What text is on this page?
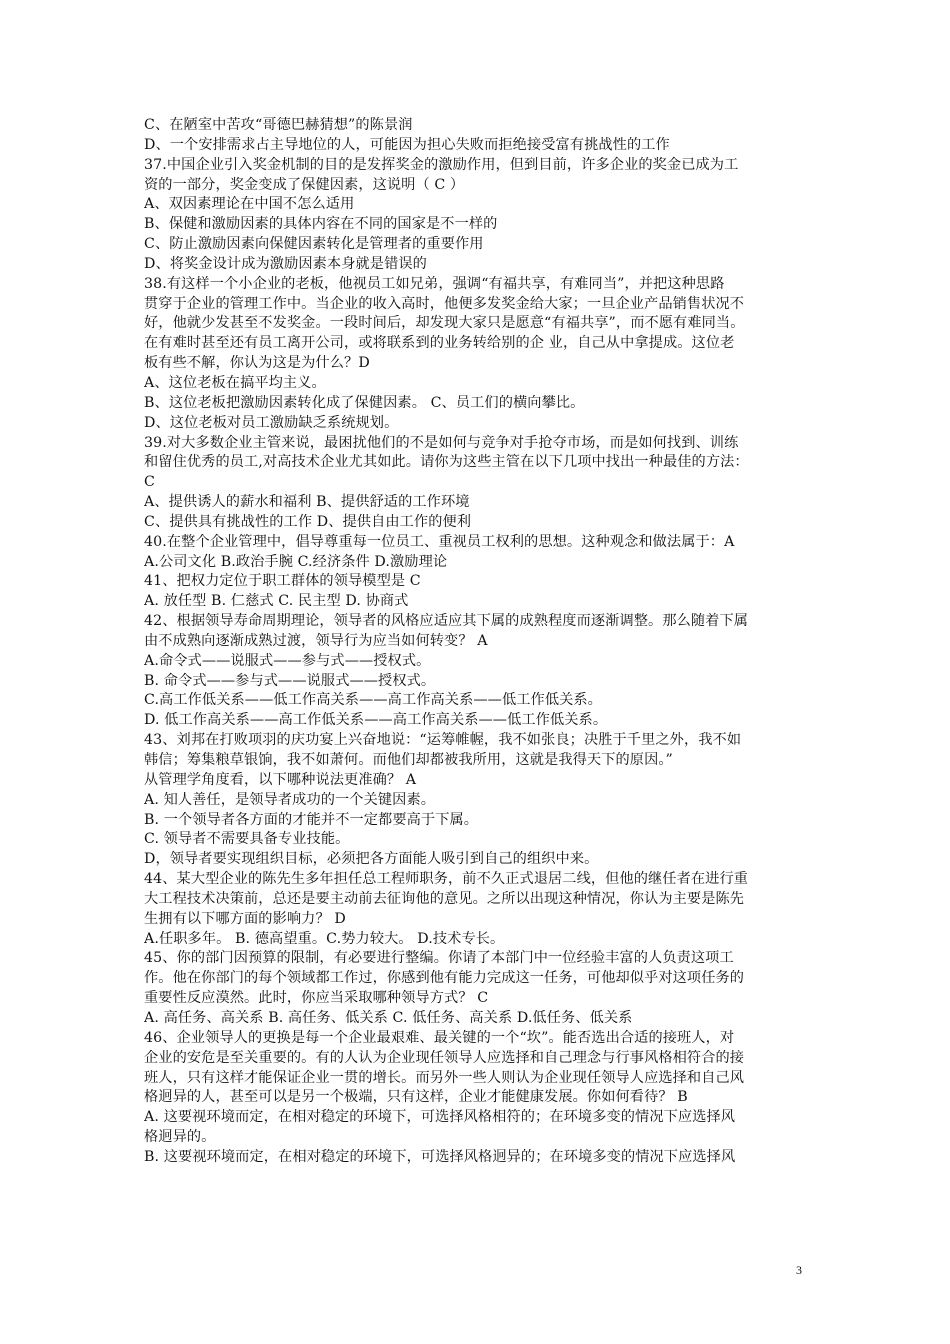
C、在陋室中苦攻“哥德巴赫猜想”的陈景润
D、一个安排需求占主导地位的人，可能因为担心失败而拒绝接受富有挑战性的工作
37.中国企业引入奖金机制的目的是发挥奖金的激励作用，但到目前，许多企业的奖金已成为工
资的一部分，奖金变成了保健因素，这说明（ C ）
A、双因素理论在中国不怎么适用
B、保健和激励因素的具体内容在不同的国家是不一样的
C、防止激励因素向保健因素转化是管理者的重要作用
D、将奖金设计成为激励因素本身就是错误的
38.有这样一个小企业的老板，他视员工如兄弟，强调“有福共享，有难同当”，并把这种思路
贯穿于企业的管理工作中。当企业的收入高时，他便多发奖金给大家；一旦企业产品销售状况不
好，他就少发甚至不发奖金。一段时间后，却发现大家只是愿意“有福共享”，而不愿有难同当。
在有难时甚至还有员工离开公司，或将联系到的业务转给别的企 业，自己从中拿提成。这位老
板有些不解，你认为这是为什么？D
A、这位老板在搞平均主义。
B、这位老板把激励因素转化成了保健因素。 C、员工们的横向攀比。
D、这位老板对员工激励缺乏系统规划。
39.对大多数企业主管来说，最困扰他们的不是如何与竞争对手抢夺市场，而是如何找到、训练
和留住优秀的员工,对高技术企业尤其如此。请你为这些主管在以下几项中找出一种最佳的方法：
C
A、提供诱人的薪水和福利 B、提供舒适的工作环境
C、提供具有挑战性的工作 D、提供自由工作的便利
40.在整个企业管理中，倡导尊重每一位员工、重视员工权利的思想。这种观念和做法属于：A
A.公司文化 B.政治手腕 C.经济条件 D.激励理论
41、把权力定位于职工群体的领导模型是 C
A. 放任型 B. 仁慈式 C. 民主型 D. 协商式
42、根据领导寿命周期理论，领导者的风格应适应其下属的成熟程度而逐渐调整。那么随着下属
由不成熟向逐渐成熟过渡，领导行为应当如何转变？ A
A.命令式——说服式——参与式——授权式。
B. 命令式——参与式——说服式——授权式。
C.高工作低关系——低工作高关系——高工作高关系——低工作低关系。
D. 低工作高关系——高工作低关系——高工作高关系——低工作低关系。
43、刘邦在打败项羽的庆功宴上兴奋地说：“运筹帷幄，我不如张良；决胜于千里之外，我不如
韩信；筹集粮草银饷，我不如萧何。而他们却都被我所用，这就是我得天下的原因。”
从管理学角度看，以下哪种说法更准确？ A
A. 知人善任，是领导者成功的一个关键因素。
B. 一个领导者各方面的才能并不一定都要高于下属。
C. 领导者不需要具备专业技能。
D，领导者要实现组织目标，必须把各方面能人吸引到自己的组织中来。
44、某大型企业的陈先生多年担任总工程师职务，前不久正式退居二线，但他的继任者在进行重
大工程技术决策前，总还是要主动前去征询他的意见。之所以出现这种情况，你认为主要是陈先
生拥有以下哪方面的影响力？ D
A.任职多年。 B. 德高望重。C.势力较大。 D.技术专长。
45、你的部门因预算的限制，有必要进行整编。你请了本部门中一位经验丰富的人负责这项工
作。他在你部门的每个领域都工作过，你感到他有能力完成这一任务，可他却似乎对这项任务的
重要性反应漠然。此时，你应当采取哪种领导方式？ C
A. 高任务、高关系 B. 高任务、低关系 C. 低任务、高关系 D.低任务、低关系
46、企业领导人的更换是每一个企业最艰难、最关键的一个“坎”。能否选出合适的接班人，对
企业的安危是至关重要的。有的人认为企业现任领导人应选择和自己理念与行事风格相符合的接
班人，只有这样才能保证企业一贯的增长。而另外一些人则认为企业现任领导人应选择和自己风
格迥异的人，甚至可以是另一个极端，只有这样，企业才能健康发展。你如何看待？ B
A. 这要视环境而定，在相对稳定的环境下，可选择风格相符的；在环境多变的情况下应选择风
格迥异的。
B. 这要视环境而定，在相对稳定的环境下，可选择风格迥异的；在环境多变的情况下应选择风
3
